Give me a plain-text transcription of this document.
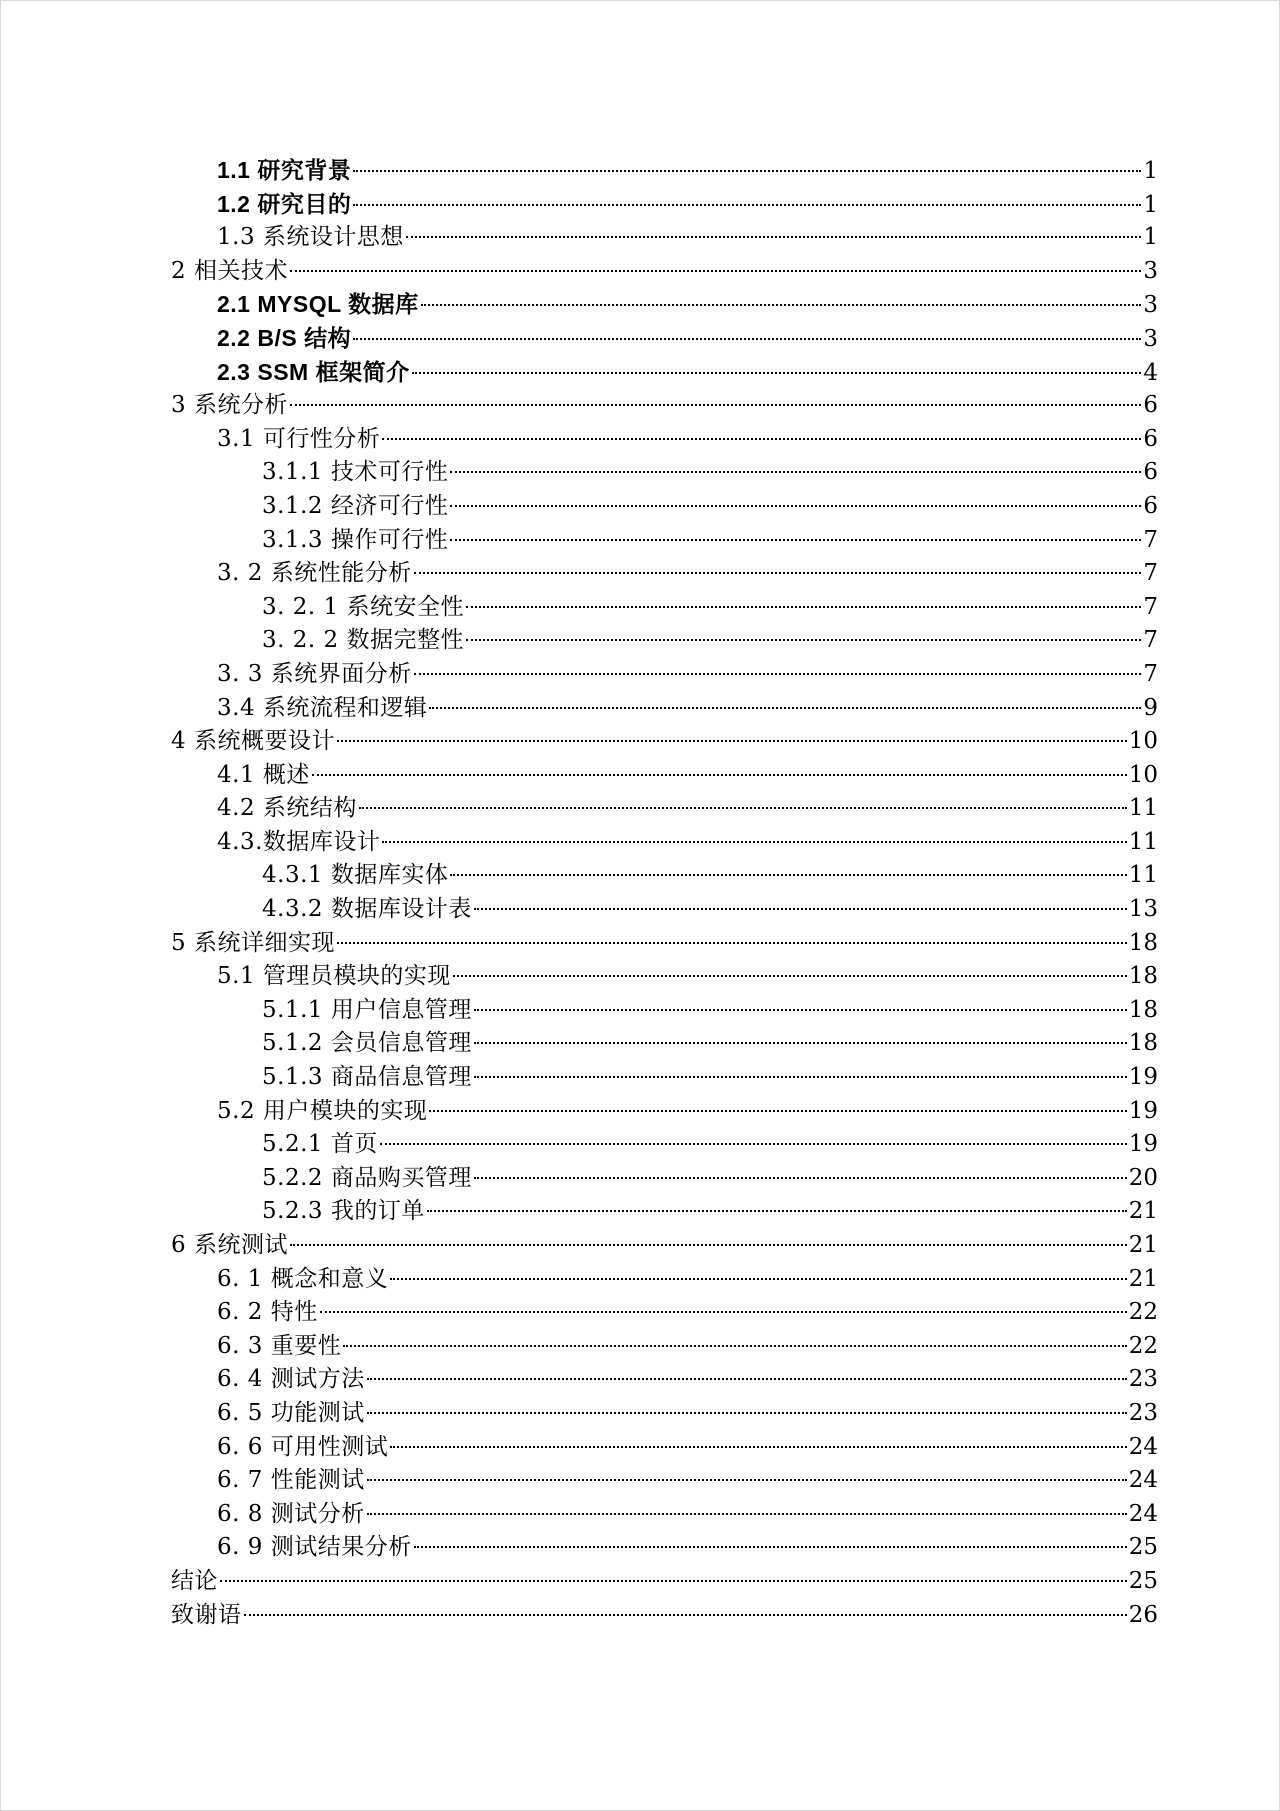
1.1 研究背景	1
1.2 研究目的	1
1.3 系统设计思想	1
2 相关技术	3
2.1 MYSQL 数据库	3
2.2 B/S 结构	3
2.3 SSM 框架简介	4
3 系统分析	6
3.1 可行性分析	6
3.1.1 技术可行性	6
3.1.2 经济可行性	6
3.1.3 操作可行性	7
3. 2 系统性能分析	7
3. 2. 1 系统安全性	7
3. 2. 2 数据完整性	7
3. 3 系统界面分析	7
3.4 系统流程和逻辑	9
4 系统概要设计	10
4.1 概述	10
4.2 系统结构	11
4.3.数据库设计	11
4.3.1 数据库实体	11
4.3.2 数据库设计表	13
5 系统详细实现	18
5.1 管理员模块的实现	18
5.1.1 用户信息管理	18
5.1.2 会员信息管理	18
5.1.3 商品信息管理	19
5.2 用户模块的实现	19
5.2.1 首页	19
5.2.2 商品购买管理	20
5.2.3 我的订单	21
6 系统测试	21
6. 1 概念和意义	21
6. 2 特性	22
6. 3 重要性	22
6. 4 测试方法	23
6. 5 功能测试	23
6. 6 可用性测试	24
6. 7 性能测试	24
6. 8 测试分析	24
6. 9 测试结果分析	25
结论	25
致谢语	26
